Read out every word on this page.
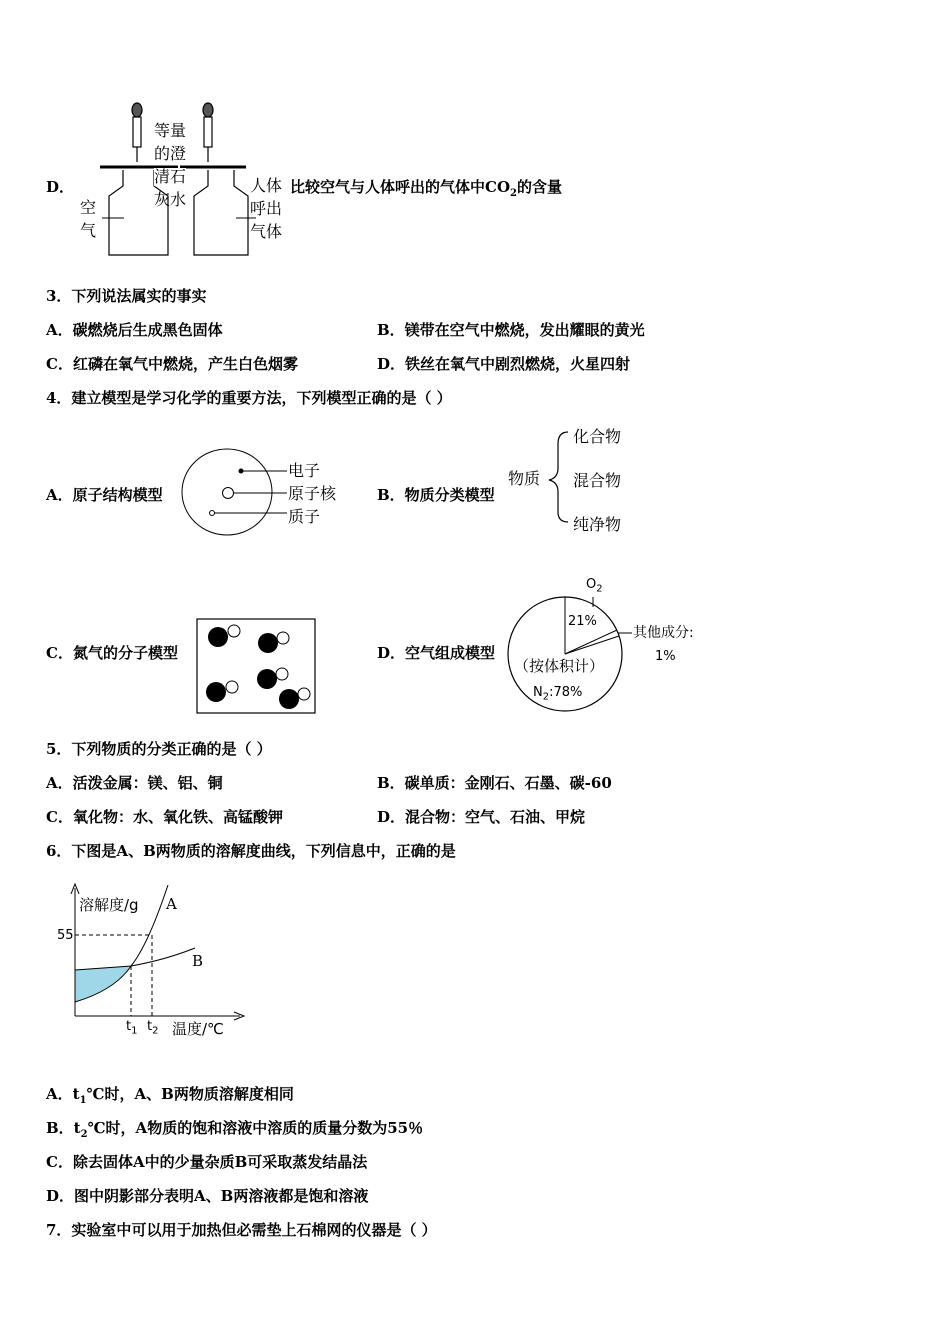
D．
等量
的澄
清石
灰水
空
气
人体
呼出
气体
比较空气与人体呼出的气体中$CO_2$的含量
3．下列说法属实的事实
A．碳燃烧后生成黑色固体	B．镁带在空气中燃烧，发出耀眼的黄光
C．红磷在氧气中燃烧，产生白色烟雾	D．铁丝在氧气中剧烈燃烧，火星四射
4．建立模型是学习化学的重要方法，下列模型正确的是（ ）
A．原子结构模型
电子
原子核
质子
B．物质分类模型
物质
化合物
混合物
纯净物
C．氮气的分子模型	D．空气组成模型
$O_2$
21%
其他成分:
1%
（按体积计）
$N_2:78\%$
5．下列物质的分类正确的是（ ）
A．活泼金属：镁、铝、铜	B．碳单质：金刚石、石墨、碳-60
C．氧化物：水、氧化铁、高锰酸钾	D．混合物：空气、石油、甲烷
6．下图是A、B两物质的溶解度曲线，下列信息中，正确的是
溶解度/g A
B
55
$t_1$ $t_2$ 温度/℃
A．$t_1℃$时，A、B两物质溶解度相同
B．$t_2℃$时，A物质的饱和溶液中溶质的质量分数为55％
C．除去固体A中的少量杂质B可采取蒸发结晶法
D．图中阴影部分表明A、B两溶液都是饱和溶液
7．实验室中可以用于加热但必需垫上石棉网的仪器是（ ）
